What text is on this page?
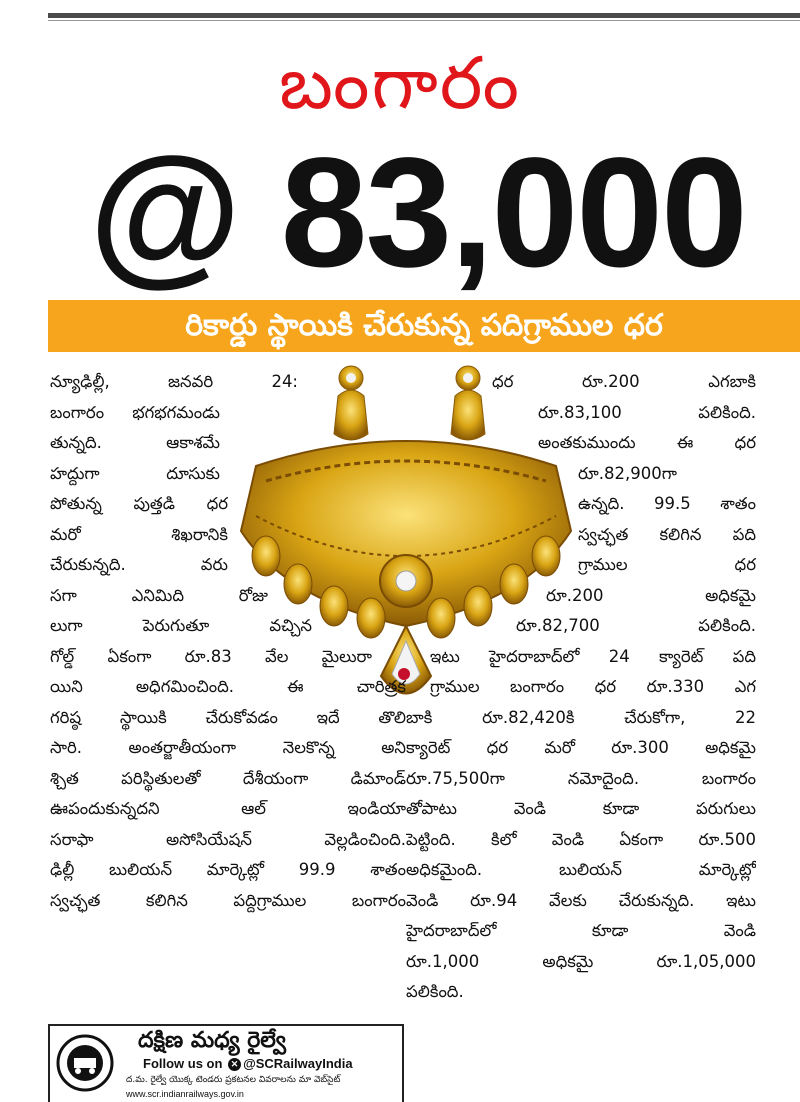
బంగారం
@ 83,000
రికార్డు స్థాయికి చేరుకున్న పదిగ్రాముల ధర
న్యూఢిల్లీ, జనవరి 24:
బంగారం భగభగమండు
తున్నది. ఆకాశమే
హద్దుగా దూసుకు
పోతున్న పుత్తడి ధర
మరో శిఖరానికి
చేరుకున్నది. వరు
సగా ఎనిమిది రోజు
లుగా పెరుగుతూ వచ్చిన
గోల్డ్ ఏకంగా రూ.83 వేల మైలురా
యిని అధిగమించింది. ఈ చారిత్రక
గరిష్ఠ స్థాయికి చేరుకోవడం ఇదే తొలి
సారి. అంతర్జాతీయంగా నెలకొన్న అని
శ్చిత పరిస్థితులతో దేశీయంగా డిమాండ్
ఊపందుకున్నదని ఆల్ ఇండియా
సరాఫా అసోసియేషన్ వెల్లడించింది.
ఢిల్లీ బులియన్ మార్కెట్లో 99.9 శాతం
స్వచ్ఛత కలిగిన పద్దిగ్రాముల బంగారం
ధర రూ.200 ఎగబాకి
రూ.83,100 పలికింది.
అంతకుముందు ఈ ధర
రూ.82,900గా
ఉన్నది. 99.5 శాతం
స్వచ్ఛత కలిగిన పది
గ్రాముల ధర
రూ.200 అధికమై
రూ.82,700 పలికింది.
ఇటు హైదరాబాద్‌లో 24 క్యారెట్ పది
గ్రాముల బంగారం ధర రూ.330 ఎగ
బాకి రూ.82,420కి చేరుకోగా, 22
క్యారెట్ ధర మరో రూ.300 అధికమై
రూ.75,500గా నమోదైంది. బంగారం
తోపాటు వెండి కూడా పరుగులు
పెట్టింది. కిలో వెండి ఏకంగా రూ.500
అధికమైంది. బులియన్ మార్కెట్లో
వెండి రూ.94 వేలకు చేరుకున్నది. ఇటు
హైదరాబాద్‌లో కూడా వెండి
రూ.1,000 అధికమై రూ.1,05,000
పలికింది.
దక్షిణ మధ్య రైల్వే
Follow us on ✕ @SCRailwayIndia
ద.మ. రైల్వే యొక్క టెండరు ప్రకటనల వివరాలను మా వెబ్‌సైట్
www.scr.indianrailways.gov.in
